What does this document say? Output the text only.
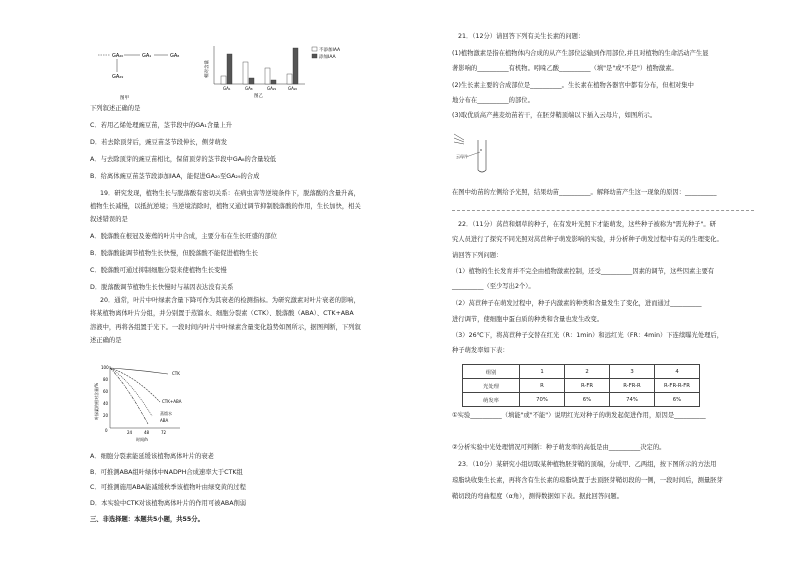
GA₂₀	GA₁	GA₈
GA₂₉
图甲
相对含量
GA₁	GA₈	GA₂₉	GA₂₀
图乙
不添加IAA
添加IAA
下列叙述正确的是
C．若用乙烯处理豌豆苗，茎节段中的GA₁含量上升
D．若去除顶芽后，豌豆苗茎节段伸长，侧芽萌发
A．与去除顶芽的豌豆苗相比，保留顶芽的茎节段中GA₈的含量较低
B．给离体豌豆苗茎节段添加IAA，能促进GA₂₀至GA₂₉的合成
19．研究发现，植物生长与脱落酸有密切关系：在病虫害等逆境条件下，脱落酸的含量升高，
植物生长减慢，以抵抗逆境；当逆境消除时，植物又通过调节抑制脱落酸的作用，生长加快，相关
叙述错误的是
A．脱落酸在根冠及萎蔫的叶片中合成，主要分布在生长旺盛的部位
B．脱落酸能调节植物生长快慢，但脱落酸不能促进植物生长
C．脱落酸可通过抑制细胞分裂来使植物生长变慢
D．脱落酸调节植物生长快慢时与基因表达没有关系
20．通常，叶片中叶绿素含量下降可作为其衰老的检测指标。为研究激素对叶片衰老的影响，
将某植物离体叶片分组，并分别置于蒸馏水、细胞分裂素（CTK）、脱落酸（ABA）、CTK+ABA
溶液中，再将各组置于光下。一段时间内叶片中叶绿素含量变化趋势如图所示，据图判断，下列叙
述正确的是
叶绿素的相对含量/%
100
80
60
40
20
0	24	48	72
时间/h
CTK
CTK+ABA
蒸馏水
ABA
A．细胞分裂素能延缓该植物离体叶片的衰老
B．可推测ABA组叶绿体中NADPH合成速率大于CTK组
C．可推测施用ABA能减缓秋季该植物叶由绿变黄的过程
D．本实验中CTK对该植物离体叶片的作用可被ABA削弱
三、非选择题：本题共5小题，共55分。
21．（12分）请回答下列有关生长素的问题：
(1)植物激素是指在植物体内合成的从产生部位运输到作用部位,并且对植物的生命活动产生显
著影响的__________有机物。吲哚乙酸__________（填"是"或"不是"）植物激素。
(2)生长素主要的合成部位是__________。生长素在植物各器官中都有分布，但相对集中
地分布在__________的部位。
(3)取优质高产燕麦幼苗若干，在胚芽鞘顶端以下插入云母片，如图所示。
云母片
在图中幼苗的左侧给予光照，结果幼苗__________。解释幼苗产生这一现象的原因：__________
22．（11分）莴苣和烟草的种子，在有发叶光照下才能萌发，这些种子被称为"需光种子"。研
究人员进行了探究不同光照对莴苣种子萌发影响的实验，并分析种子萌发过程中有关的生理变化。
请回答下列问题：
（1）植物的生长发育并不完全由植物激素控制，还受__________因素的调节，这些因素主要有
__________（至少写出2个）。
（2）莴苣种子在萌发过程中，种子内激素的种类和含量发生了变化，进而通过__________
进行调节，使细胞中蛋白质的种类和含量也发生改变。
（3）26℃下，将莴苣种子交替在红光（R：1min）和远红光（FR：4min）下连续曝光处理后，
种子萌发率如下表：
组别	1	2	3	4
光处理	R	R-FR	R-FR-R	R-FR-R-FR
萌发率	70%	6%	74%	6%
①实验__________（填能"或"不能"）说明红光对种子的萌发起促进作用，原因是__________
②分析实验中光处理情况可判断：种子萌发率的高低是由__________决定的。
23．（10分）某研究小组切取某种植物胚芽鞘的顶端，分成甲、乙两组，按下图所示的方法用
琼脂块收集生长素，再将含有生长素的琼脂块置于去顶胚芽鞘切段的一侧，一段时间后，测量胚芽
鞘切段的弯曲程度（α角），测得数据如下表。据此回答问题。
